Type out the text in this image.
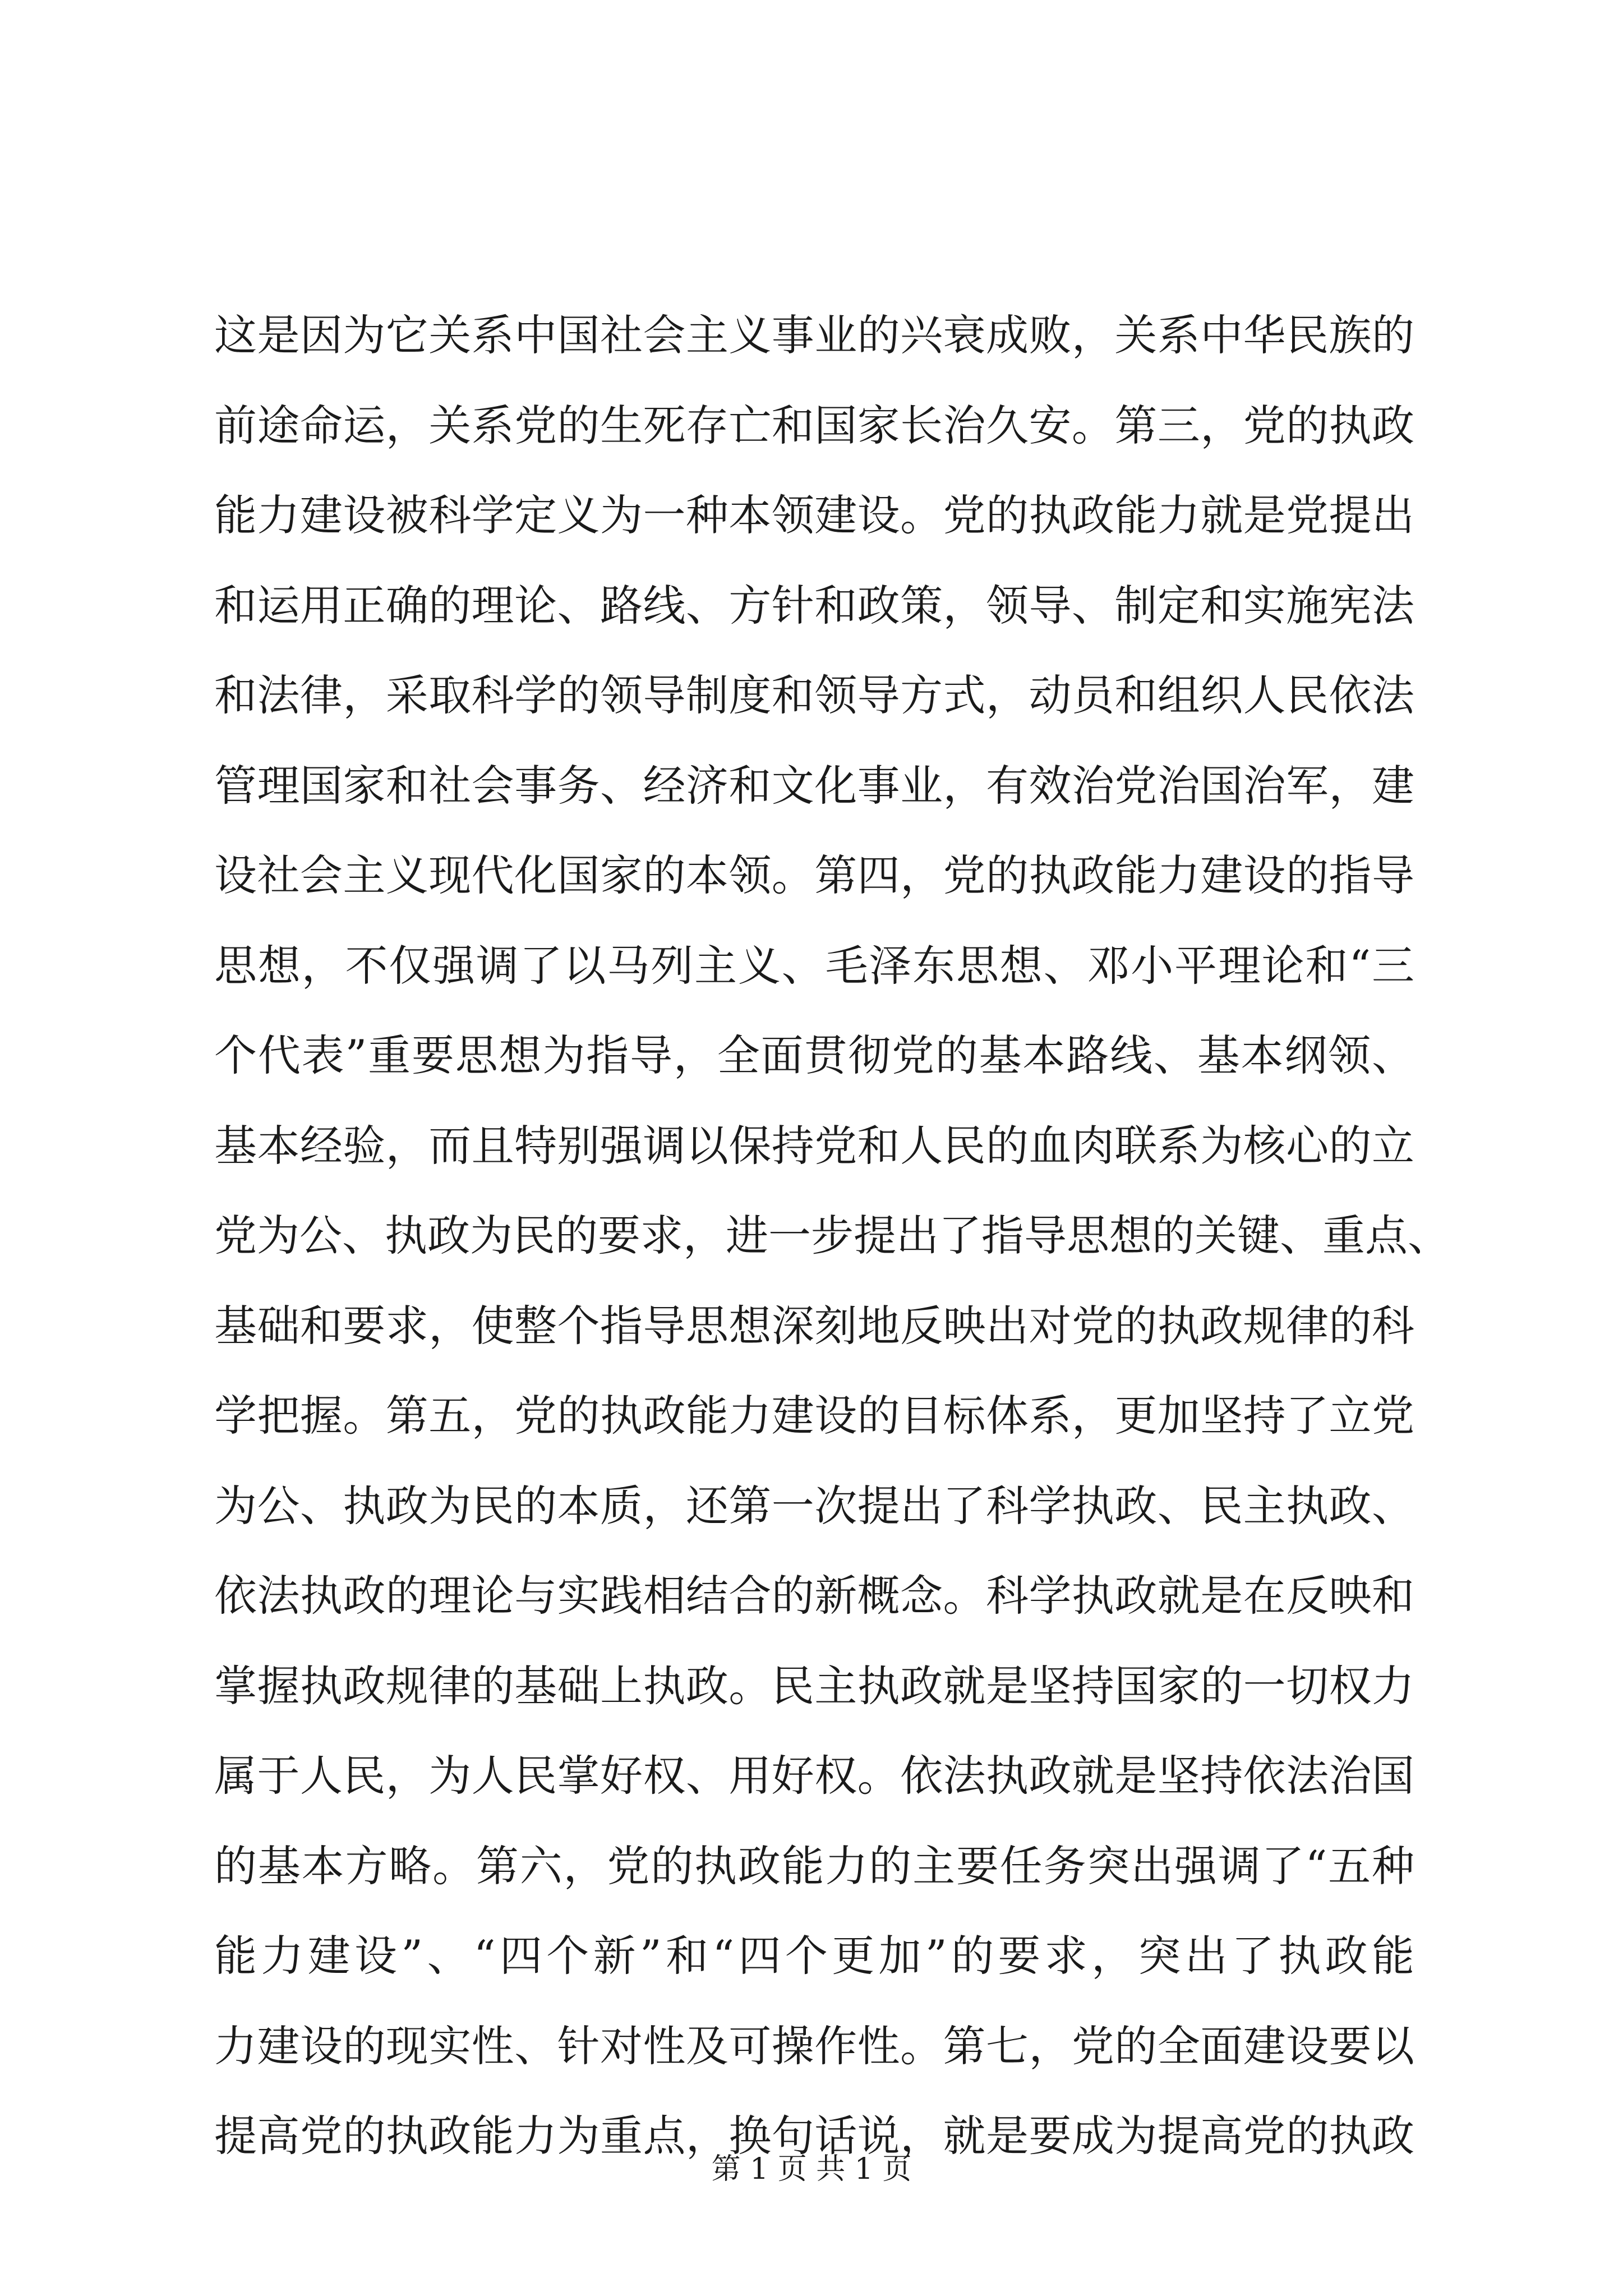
这是因为它关系中国社会主义事业的兴衰成败，关系中华民族的
前途命运，关系党的生死存亡和国家长治久安。第三，党的执政
能力建设被科学定义为一种本领建设。党的执政能力就是党提出
和运用正确的理论、路线、方针和政策，领导、制定和实施宪法
和法律，采取科学的领导制度和领导方式，动员和组织人民依法
管理国家和社会事务、经济和文化事业，有效治党治国治军，建
设社会主义现代化国家的本领。第四，党的执政能力建设的指导
思想，不仅强调了以马列主义、毛泽东思想、邓小平理论和“三
个代表”重要思想为指导，全面贯彻党的基本路线、基本纲领、
基本经验，而且特别强调以保持党和人民的血肉联系为核心的立
党为公、执政为民的要求，进一步提出了指导思想的关键、重点、
基础和要求，使整个指导思想深刻地反映出对党的执政规律的科
学把握。第五，党的执政能力建设的目标体系，更加坚持了立党
为公、执政为民的本质，还第一次提出了科学执政、民主执政、
依法执政的理论与实践相结合的新概念。科学执政就是在反映和
掌握执政规律的基础上执政。民主执政就是坚持国家的一切权力
属于人民，为人民掌好权、用好权。依法执政就是坚持依法治国
的基本方略。第六，党的执政能力的主要任务突出强调了“五种
能力建设”、“四个新”和“四个更加”的要求，突出了执政能
力建设的现实性、针对性及可操作性。第七，党的全面建设要以
提高党的执政能力为重点，换句话说，就是要成为提高党的执政
第 1 页 共 1 页
